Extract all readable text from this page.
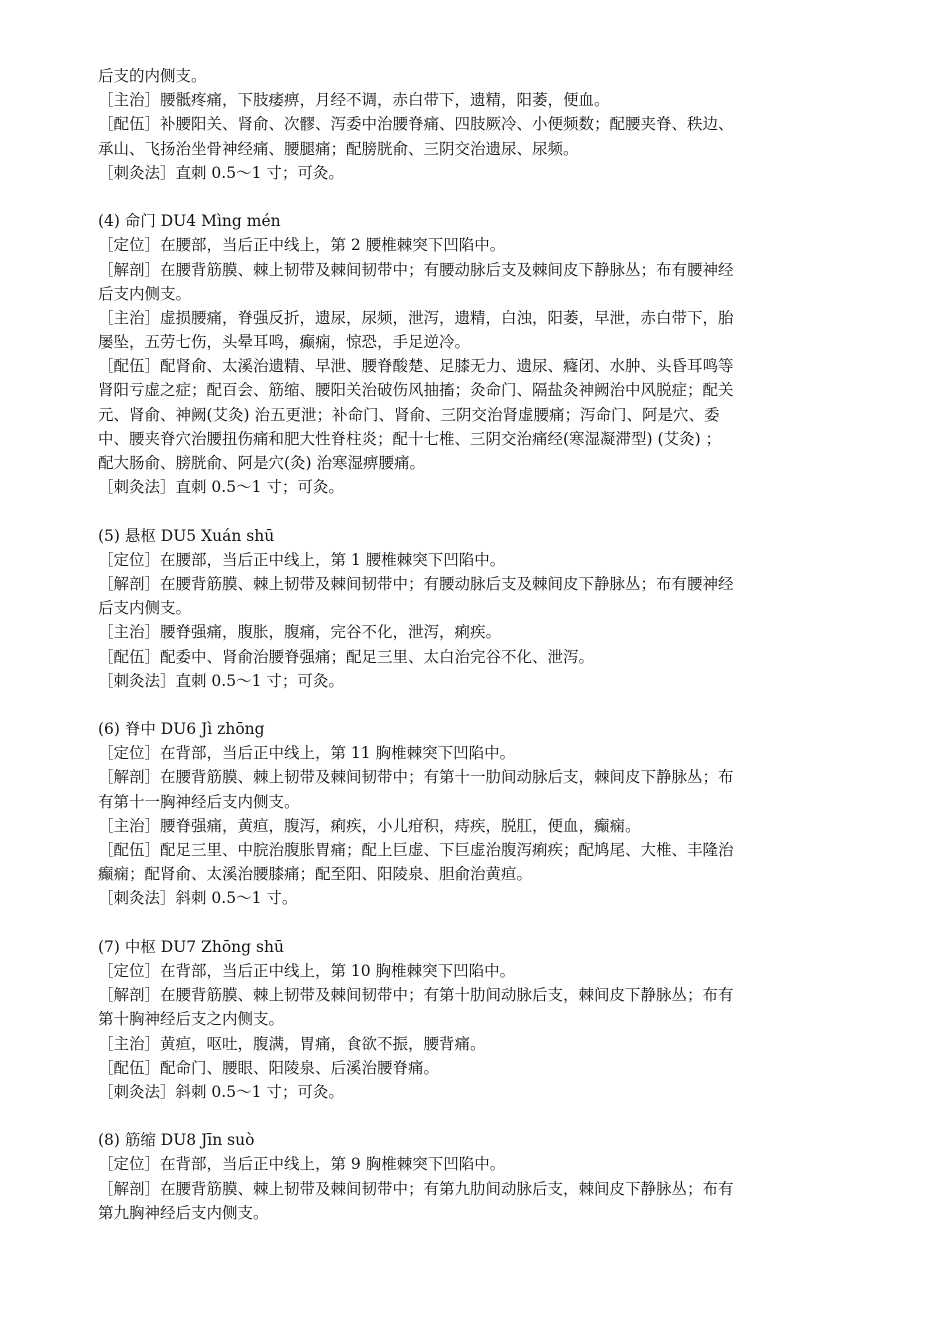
后支的内侧支。
［主治］腰骶疼痛，下肢痿痹，月经不调，赤白带下，遗精，阳萎，便血。
［配伍］补腰阳关、肾俞、次髎、泻委中治腰脊痛、四肢厥冷、小便频数；配腰夹脊、秩边、
承山、飞扬治坐骨神经痛、腰腿痛；配膀胱俞、三阴交治遗尿、尿频。
［刺灸法］直刺 0.5～1 寸；可灸。
(4) 命门 DU4 Mìng mén
［定位］在腰部，当后正中线上，第 2 腰椎棘突下凹陷中。
［解剖］在腰背筋膜、棘上韧带及棘间韧带中；有腰动脉后支及棘间皮下静脉丛；布有腰神经
后支内侧支。
［主治］虚损腰痛，脊强反折，遗尿，尿频，泄泻，遗精，白浊，阳萎，早泄，赤白带下，胎
屡坠，五劳七伤，头晕耳鸣，癫痫，惊恐，手足逆冷。
［配伍］配肾俞、太溪治遗精、早泄、腰脊酸楚、足膝无力、遗尿、癃闭、水肿、头昏耳鸣等
肾阳亏虚之症；配百会、筋缩、腰阳关治破伤风抽搐；灸命门、隔盐灸神阙治中风脱症；配关
元、肾俞、神阙(艾灸) 治五更泄；补命门、肾俞、三阴交治肾虚腰痛；泻命门、阿是穴、委
中、腰夹脊穴治腰扭伤痛和肥大性脊柱炎；配十七椎、三阴交治痛经(寒湿凝滞型) (艾灸) ；
配大肠俞、膀胱俞、阿是穴(灸) 治寒湿痹腰痛。
［刺灸法］直刺 0.5～1 寸；可灸。
(5) 悬枢 DU5 Xuán shū
［定位］在腰部，当后正中线上，第 1 腰椎棘突下凹陷中。
［解剖］在腰背筋膜、棘上韧带及棘间韧带中；有腰动脉后支及棘间皮下静脉丛；布有腰神经
后支内侧支。
［主治］腰脊强痛，腹胀，腹痛，完谷不化，泄泻，痢疾。
［配伍］配委中、肾俞治腰脊强痛；配足三里、太白治完谷不化、泄泻。
［刺灸法］直刺 0.5～1 寸；可灸。
(6) 脊中 DU6 Jì zhōng
［定位］在背部，当后正中线上，第 11 胸椎棘突下凹陷中。
［解剖］在腰背筋膜、棘上韧带及棘间韧带中；有第十一肋间动脉后支，棘间皮下静脉丛；布
有第十一胸神经后支内侧支。
［主治］腰脊强痛，黄疸，腹泻，痢疾，小儿疳积，痔疾，脱肛，便血，癫痫。
［配伍］配足三里、中脘治腹胀胃痛；配上巨虚、下巨虚治腹泻痢疾；配鸠尾、大椎、丰隆治
癫痫；配肾俞、太溪治腰膝痛；配至阳、阳陵泉、胆俞治黄疸。
［刺灸法］斜刺 0.5～1 寸。
(7) 中枢 DU7 Zhōng shū
［定位］在背部，当后正中线上，第 10 胸椎棘突下凹陷中。
［解剖］在腰背筋膜、棘上韧带及棘间韧带中；有第十肋间动脉后支，棘间皮下静脉丛；布有
第十胸神经后支之内侧支。
［主治］黄疸，呕吐，腹满，胃痛，食欲不振，腰背痛。
［配伍］配命门、腰眼、阳陵泉、后溪治腰脊痛。
［刺灸法］斜刺 0.5～1 寸；可灸。
(8) 筋缩 DU8 Jīn suò
［定位］在背部，当后正中线上，第 9 胸椎棘突下凹陷中。
［解剖］在腰背筋膜、棘上韧带及棘间韧带中；有第九肋间动脉后支，棘间皮下静脉丛；布有
第九胸神经后支内侧支。
